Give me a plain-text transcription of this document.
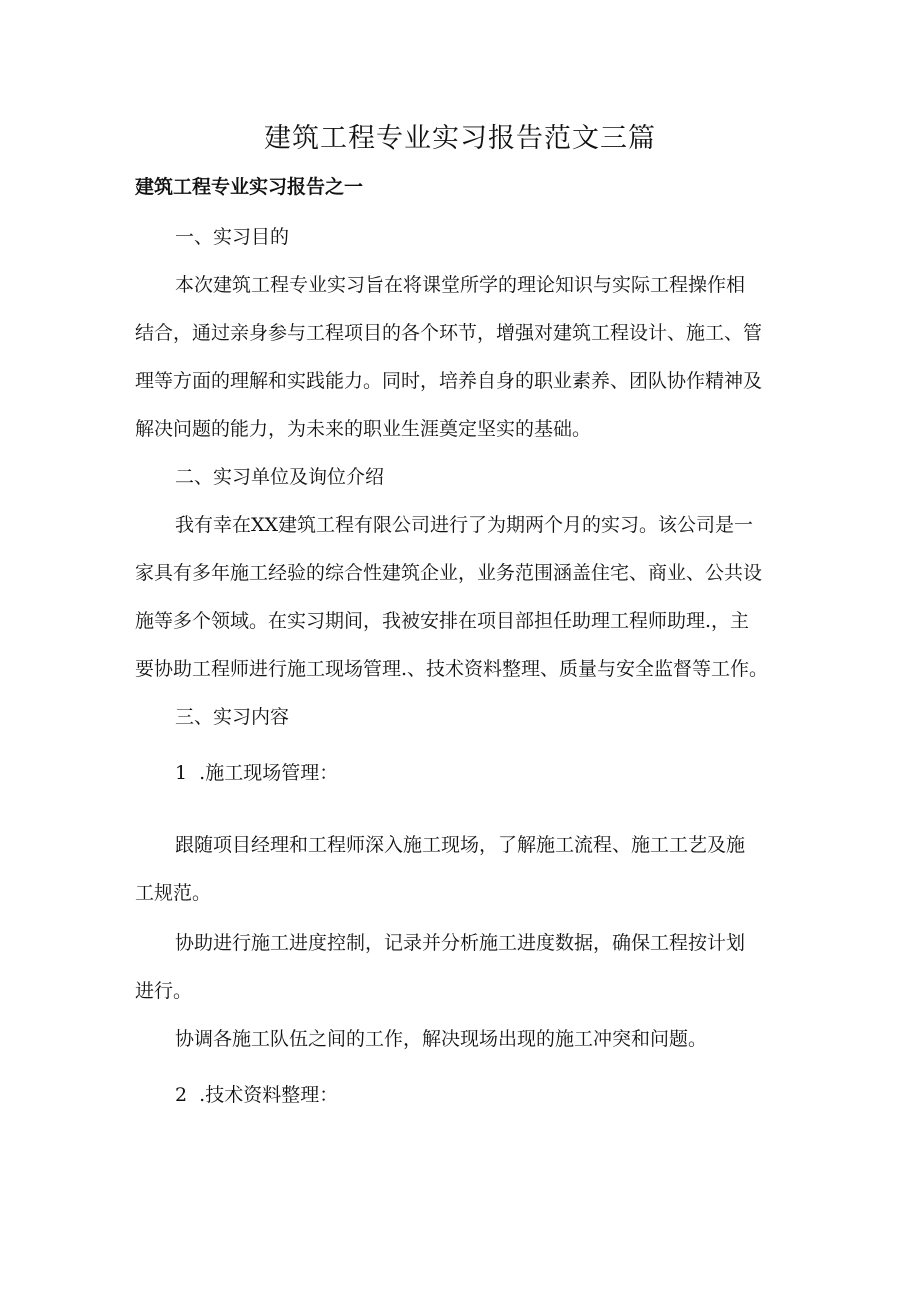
建筑工程专业实习报告范文三篇
建筑工程专业实习报告之一

一、实习目的

本次建筑工程专业实习旨在将课堂所学的理论知识与实际工程操作相

结合，通过亲身参与工程项目的各个环节，增强对建筑工程设计、施工、管

理等方面的理解和实践能力。同时，培养自身的职业素养、团队协作精神及

解决问题的能力，为未来的职业生涯奠定坚实的基础。

二、实习单位及询位介绍

我有幸在XX建筑工程有限公司进行了为期两个月的实习。该公司是一

家具有多年施工经验的综合性建筑企业，业务范围涵盖住宅、商业、公共设

施等多个领域。在实习期间，我被安排在项目部担任助理工程师助理.，主

要协助工程师进行施工现场管理.、技术资料整理、质量与安全监督等工作。

三、实习内容

1  .施工现场管理：

跟随项目经理和工程师深入施工现场，了解施工流程、施工工艺及施

工规范。

协助进行施工进度控制，记录并分析施工进度数据，确保工程按计划

进行。

协调各施工队伍之间的工作，解决现场出现的施工冲突和问题。

2  .技术资料整理：
